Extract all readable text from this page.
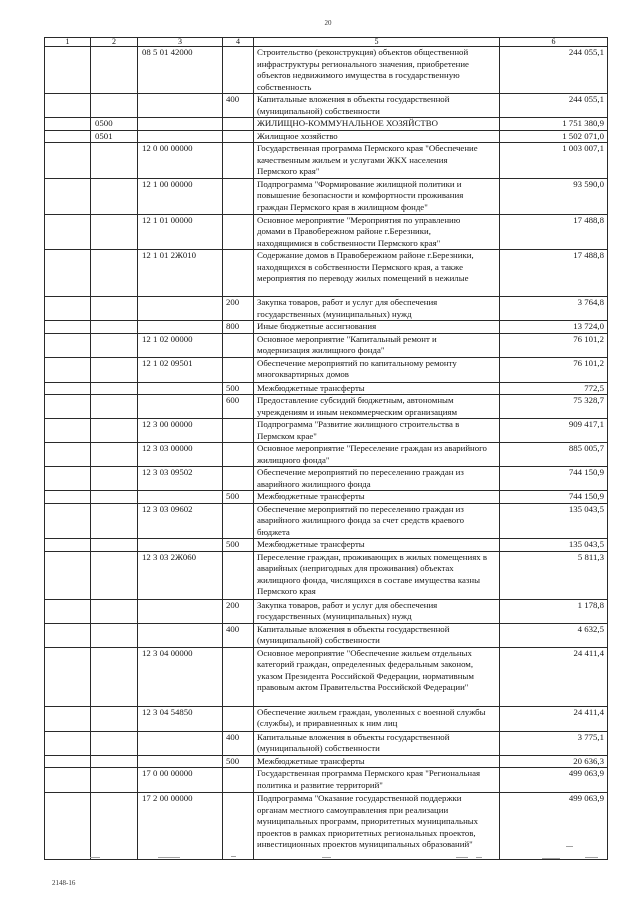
20
1	2	3	4	5	6
		08 5 01 42000		Строительство (реконструкция) объектов общественной
инфраструктуры регионального значения, приобретение
объектов недвижимого имущества в государственную
собственность	244 055,1
			400	Капитальные вложения в объекты государственной
(муниципальной) собственности	244 055,1
	0500			ЖИЛИЩНО-КОММУНАЛЬНОЕ ХОЗЯЙСТВО	1 751 380,9
	0501			Жилищное хозяйство	1 502 071,0
		12 0 00 00000		Государственная программа Пермского края "Обеспечение
качественным жильем и услугами ЖКХ населения
Пермского края"	1 003 007,1
		12 1 00 00000		Подпрограмма "Формирование жилищной политики и
повышение безопасности и комфортности проживания
граждан Пермского края в жилищном фонде"	93 590,0
		12 1 01 00000		Основное мероприятие "Мероприятия по управлению
домами в Правобережном районе г.Березники,
находящимися в собственности Пермского края"	17 488,8
		12 1 01 2Ж010		Содержание домов в Правобережном районе г.Березники,
находящихся в собственности Пермского края, а также
мероприятия по переводу жилых помещений в нежилые	17 488,8
			200	Закупка товаров, работ и услуг для обеспечения
государственных (муниципальных) нужд	3 764,8
			800	Иные бюджетные ассигнования	13 724,0
		12 1 02 00000		Основное мероприятие "Капитальный ремонт и
модернизация жилищного фонда"	76 101,2
		12 1 02 09501		Обеспечение мероприятий по капитальному ремонту
многоквартирных домов	76 101,2
			500	Межбюджетные трансферты	772,5
			600	Предоставление субсидий бюджетным, автономным
учреждениям и иным некоммерческим организациям	75 328,7
		12 3 00 00000		Подпрограмма "Развитие жилищного строительства в
Пермском крае"	909 417,1
		12 3 03 00000		Основное мероприятие "Переселение граждан из аварийного
жилищного фонда"	885 005,7
		12 3 03 09502		Обеспечение мероприятий по переселению граждан из
аварийного жилищного фонда	744 150,9
			500	Межбюджетные трансферты	744 150,9
		12 3 03 09602		Обеспечение мероприятий по переселению граждан из
аварийного жилищного фонда за счет средств краевого
бюджета	135 043,5
			500	Межбюджетные трансферты	135 043,5
		12 3 03 2Ж060		Переселение граждан, проживающих в жилых помещениях в
аварийных (непригодных для проживания) объектах
жилищного фонда, числящихся в составе имущества казны
Пермского края	5 811,3
			200	Закупка товаров, работ и услуг для обеспечения
государственных (муниципальных) нужд	1 178,8
			400	Капитальные вложения в объекты государственной
(муниципальной) собственности	4 632,5
		12 3 04 00000		Основное мероприятие "Обеспечение жильем отдельных
категорий граждан, определенных федеральным законом,
указом Президента Российской Федерации, нормативным
правовым актом Правительства Российской Федерации"	24 411,4
		12 3 04 54850		Обеспечение жильем граждан, уволенных с военной службы
(службы), и приравненных к ним лиц	24 411,4
			400	Капитальные вложения в объекты государственной
(муниципальной) собственности	3 775,1
			500	Межбюджетные трансферты	20 636,3
		17 0 00 00000		Государственная программа Пермского края "Региональная
политика и развитие территорий"	499 063,9
		17 2 00 00000		Подпрограмма "Оказание государственной поддержки
органам местного самоуправления при реализации
муниципальных программ, приоритетных муниципальных
проектов в рамках приоритетных региональных проектов,
инвестиционных проектов муниципальных образований"	499 063,9
2148-16
